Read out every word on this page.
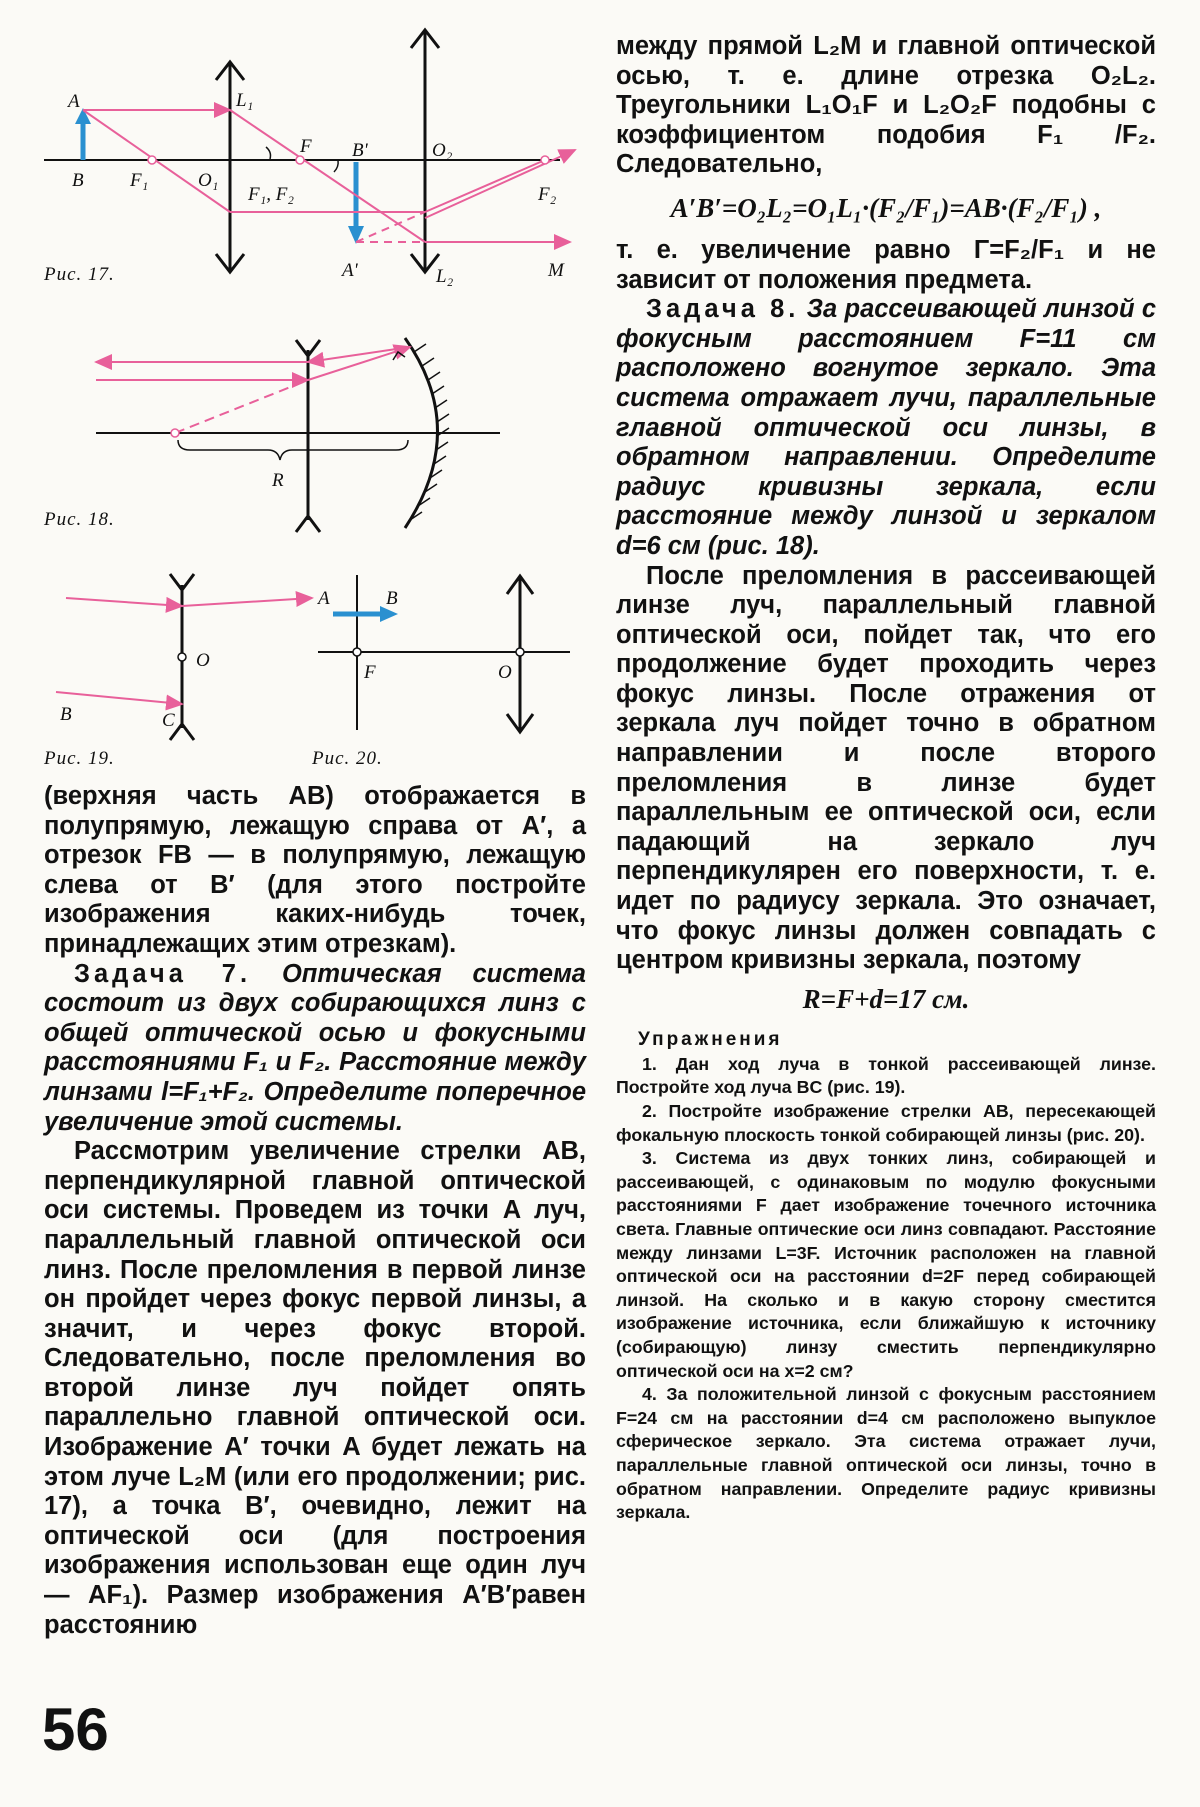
A
B F₁	O₁
L₁
F
F₁, F₂
B'	O₂
F₂
A'	L₂	M
R
O
B	C
A	B
F	O
Рис. 17.
Рис. 18.
Рис. 19.	Рис. 20.

(верхняя часть AB) отображается в полупрямую, лежащую справа от A′, а отрезок FB — в полупрямую, лежащую слева от B′ (для этого постройте изображения каких-нибудь точек, принадлежащих этим отрезкам).

Задача 7. Оптическая система состоит из двух собирающихся линз с общей оптической осью и фокусными расстояниями F₁ и F₂. Расстояние между линзами l=F₁+F₂. Определите поперечное увеличение этой системы.

Рассмотрим увеличение стрелки AB, перпендикулярной главной оптической оси системы. Проведем из точки A луч, параллельный главной оптической оси линз. После преломления в первой линзе он пройдет через фокус первой линзы, а значит, и через фокус второй. Следовательно, после преломления во второй линзе луч пойдет опять параллельно главной оптической оси. Изображение A′ точки A будет лежать на этом луче L₂M (или его продолжении; рис. 17), а точка B′, очевидно, лежит на оптической оси (для построения изображения использован еще один луч — AF₁). Размер изображения A′B′равен расстоянию

между прямой L₂M и главной оптической осью, т. е. длине отрезка O₂L₂. Треугольники L₁O₁F и L₂O₂F подобны с коэффициентом подобия F₁ /F₂. Следовательно,

A′B′=O₂L₂=O₁L₁·(F₂/F₁)=AB·(F₂/F₁) ,

т. е. увеличение равно Γ=F₂/F₁ и не зависит от положения предмета.

Задача 8. За рассеивающей линзой с фокусным расстоянием F=11 см расположено вогнутое зеркало. Эта система отражает лучи, параллельные главной оптической оси линзы, в обратном направлении. Определите радиус кривизны зеркала, если расстояние между линзой и зеркалом d=6 см (рис. 18).

После преломления в рассеивающей линзе луч, параллельный главной оптической оси, пойдет так, что его продолжение будет проходить через фокус линзы. После отражения от зеркала луч пойдет точно в обратном направлении и после второго преломления в линзе будет параллельным ее оптической оси, если падающий на зеркало луч перпендикулярен его поверхности, т. е. идет по радиусу зеркала. Это означает, что фокус линзы должен совпадать с центром кривизны зеркала, поэтому

R=F+d=17 см.
Упражнения

1. Дан ход луча в тонкой рассеивающей линзе. Постройте ход луча BC (рис. 19).

2. Постройте изображение стрелки AB, пересекающей фокальную плоскость тонкой собирающей линзы (рис. 20).

3. Система из двух тонких линз, собирающей и рассеивающей, с одинаковым по модулю фокусными расстояниями F дает изображение точечного источника света. Главные оптические оси линз совпадают. Расстояние между линзами L=3F. Источник расположен на главной оптической оси на расстоянии d=2F перед собирающей линзой. На сколько и в какую сторону сместится изображение источника, если ближайшую к источнику (собирающую) линзу сместить перпендикулярно оптической оси на x=2 см?

4. За положительной линзой с фокусным расстоянием F=24 см на расстоянии d=4 см расположено выпуклое сферическое зеркало. Эта система отражает лучи, параллельные главной оптической оси линзы, точно в обратном направлении. Определите радиус кривизны зеркала.

56
